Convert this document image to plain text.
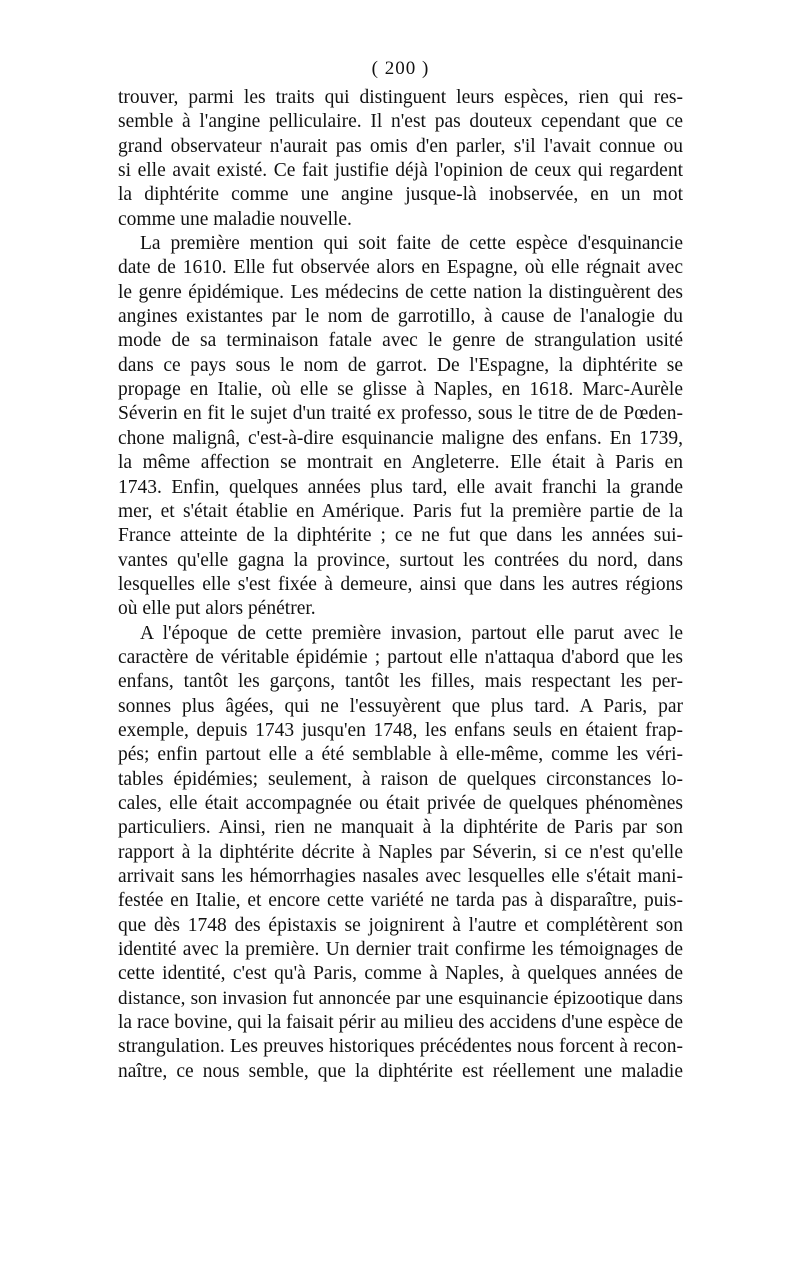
( 200 )
trouver, parmi les traits qui distinguent leurs espèces, rien qui res-
semble à l'angine pelliculaire. Il n'est pas douteux cependant que ce
grand observateur n'aurait pas omis d'en parler, s'il l'avait connue ou
si elle avait existé. Ce fait justifie déjà l'opinion de ceux qui regardent
la diphtérite comme une angine jusque-là inobservée, en un mot
comme une maladie nouvelle.
La première mention qui soit faite de cette espèce d'esquinancie
date de 1610. Elle fut observée alors en Espagne, où elle régnait avec
le genre épidémique. Les médecins de cette nation la distinguèrent des
angines existantes par le nom de garrotillo, à cause de l'analogie du
mode de sa terminaison fatale avec le genre de strangulation usité
dans ce pays sous le nom de garrot. De l'Espagne, la diphtérite se
propage en Italie, où elle se glisse à Naples, en 1618. Marc-Aurèle
Séverin en fit le sujet d'un traité ex professo, sous le titre de de Pœden-
chone malignâ, c'est-à-dire esquinancie maligne des enfans. En 1739,
la même affection se montrait en Angleterre. Elle était à Paris en
1743. Enfin, quelques années plus tard, elle avait franchi la grande
mer, et s'était établie en Amérique. Paris fut la première partie de la
France atteinte de la diphtérite ; ce ne fut que dans les années sui-
vantes qu'elle gagna la province, surtout les contrées du nord, dans
lesquelles elle s'est fixée à demeure, ainsi que dans les autres régions
où elle put alors pénétrer.
A l'époque de cette première invasion, partout elle parut avec le
caractère de véritable épidémie ; partout elle n'attaqua d'abord que les
enfans, tantôt les garçons, tantôt les filles, mais respectant les per-
sonnes plus âgées, qui ne l'essuyèrent que plus tard. A Paris, par
exemple, depuis 1743 jusqu'en 1748, les enfans seuls en étaient frap-
pés; enfin partout elle a été semblable à elle-même, comme les véri-
tables épidémies; seulement, à raison de quelques circonstances lo-
cales, elle était accompagnée ou était privée de quelques phénomènes
particuliers. Ainsi, rien ne manquait à la diphtérite de Paris par son
rapport à la diphtérite décrite à Naples par Séverin, si ce n'est qu'elle
arrivait sans les hémorrhagies nasales avec lesquelles elle s'était mani-
festée en Italie, et encore cette variété ne tarda pas à disparaître, puis-
que dès 1748 des épistaxis se joignirent à l'autre et complétèrent son
identité avec la première. Un dernier trait confirme les témoignages de
cette identité, c'est qu'à Paris, comme à Naples, à quelques années de
distance, son invasion fut annoncée par une esquinancie épizootique dans
la race bovine, qui la faisait périr au milieu des accidens d'une espèce de
strangulation. Les preuves historiques précédentes nous forcent à recon-
naître, ce nous semble, que la diphtérite est réellement une maladie
